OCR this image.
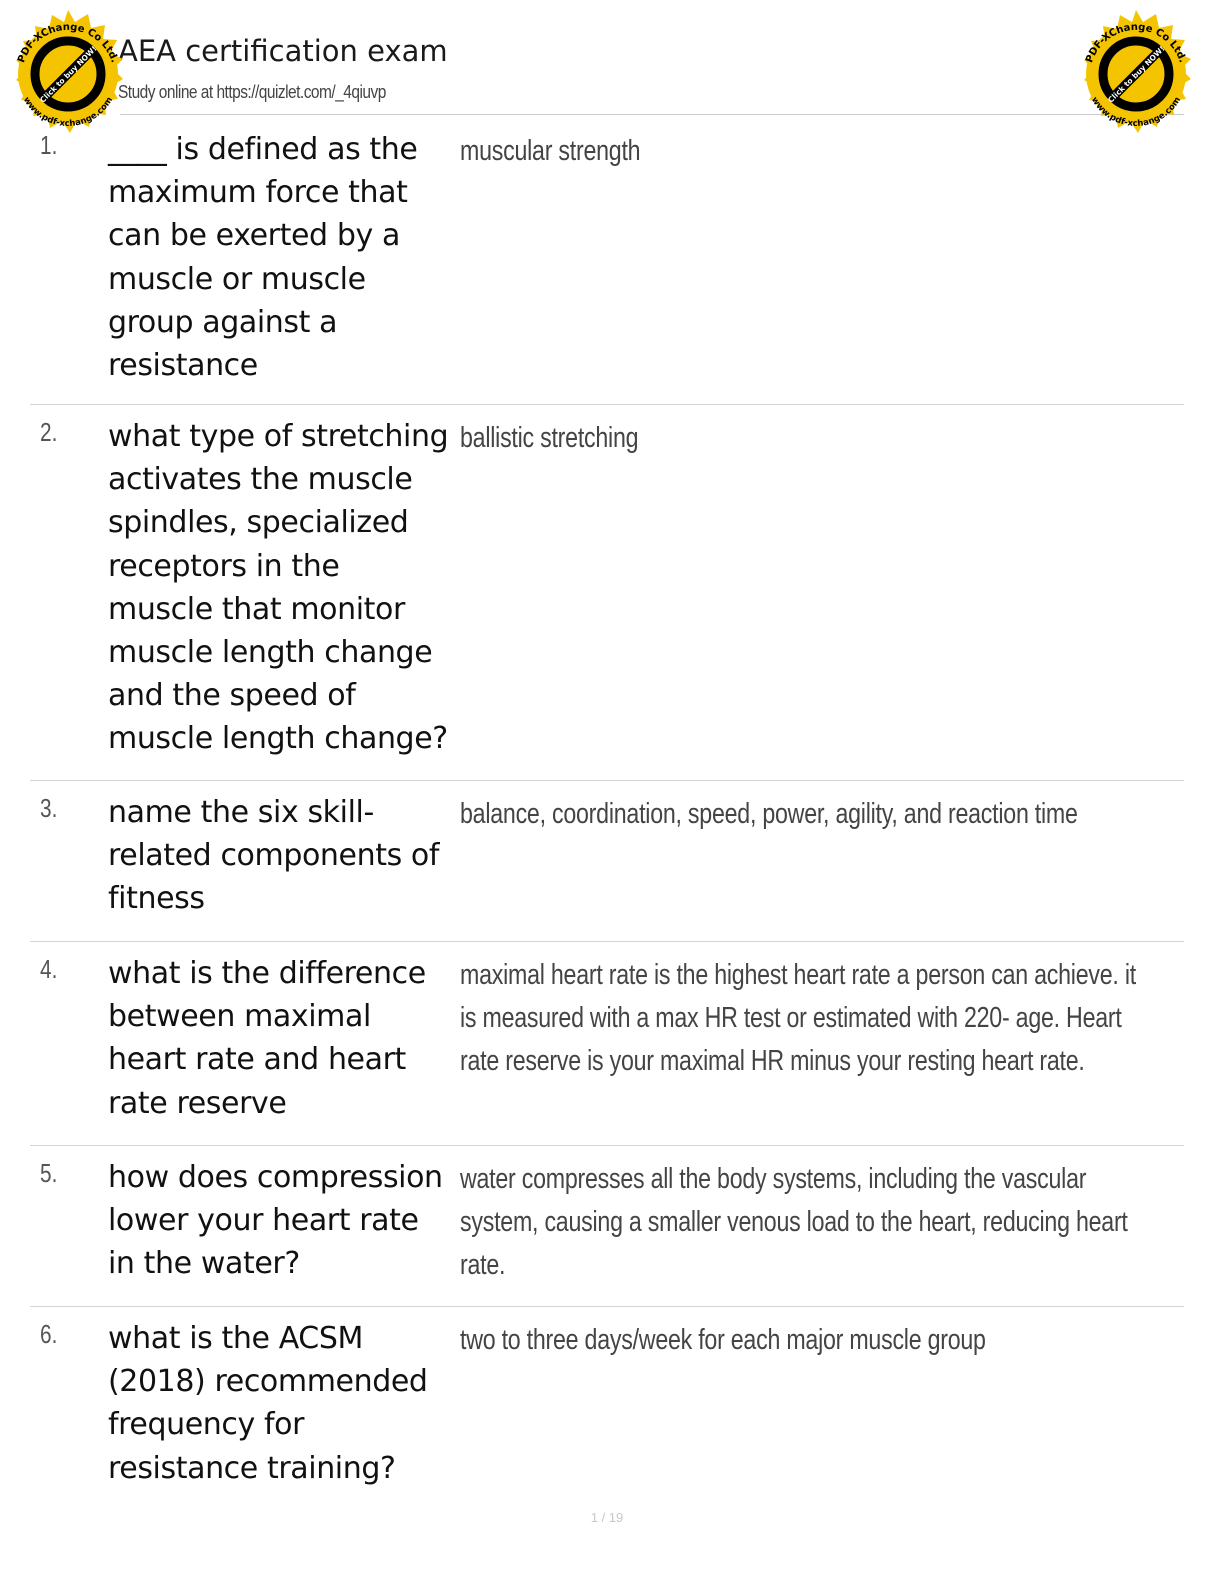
AEA certification exam
Study online at https://quizlet.com/_4qiuvp
PDF-XChange Co Ltd.
Click to buy NOW!
www.pdf-xchange.com
PDF-XChange Co Ltd.
Click to buy NOW!
www.pdf-xchange.com
1. ____ is defined as the maximum force that can be exerted by a muscle or muscle group against a resistance
muscular strength
2. what type of stretching activates the muscle spindles, specialized receptors in the muscle that monitor muscle length change and the speed of muscle length change?
ballistic stretching
3. name the six skill-related components of fitness
balance, coordination, speed, power, agility, and reaction time
4. what is the difference between maximal heart rate and heart rate reserve
maximal heart rate is the highest heart rate a person can achieve. it is measured with a max HR test or estimated with 220- age. Heart rate reserve is your maximal HR minus your resting heart rate.
5. how does compression lower your heart rate in the water?
water compresses all the body systems, including the vascular system, causing a smaller venous load to the heart, reducing heart rate.
6. what is the ACSM (2018) recommended frequency for resistance training?
two to three days/week for each major muscle group
1 / 19
